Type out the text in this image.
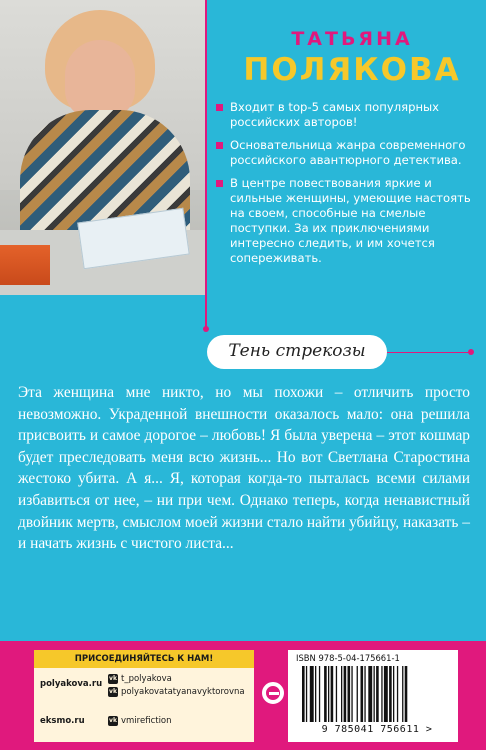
ТАТЬЯНА
ПОЛЯКОВА
Входит в top-5 самых популярных российских авторов!
Основательница жанра современного российского авантюрного детектива.
В центре повествования яркие и сильные женщины, умеющие настоять на своем, способные на смелые поступки. За их приключениями интересно следить, и им хочется сопереживать.
Тень стрекозы

Эта женщина мне никто, но мы похожи – отличить просто невозможно. Украденной внешности оказалось мало: она решила присвоить и самое дорогое – любовь! Я была уверена – этот кошмар будет преследовать меня всю жизнь... Но вот Светлана Старостина жестоко убита. А я... Я, которая когда-то пыталась всеми силами избавиться от нее, – ни при чем. Однако теперь, когда ненавистный двойник мертв, смыслом моей жизни стало найти убийцу, наказать – и начать жизнь с чистого листа...

ПРИСОЕДИНЯЙТЕСЬ К НАМ!
polyakova.ru
eksmo.ru
vk t_polyakova
vk polyakovatatyanavyktorovna
vk vmirefiction
ISBN 978-5-04-175661-1
9 785041 756611 >
